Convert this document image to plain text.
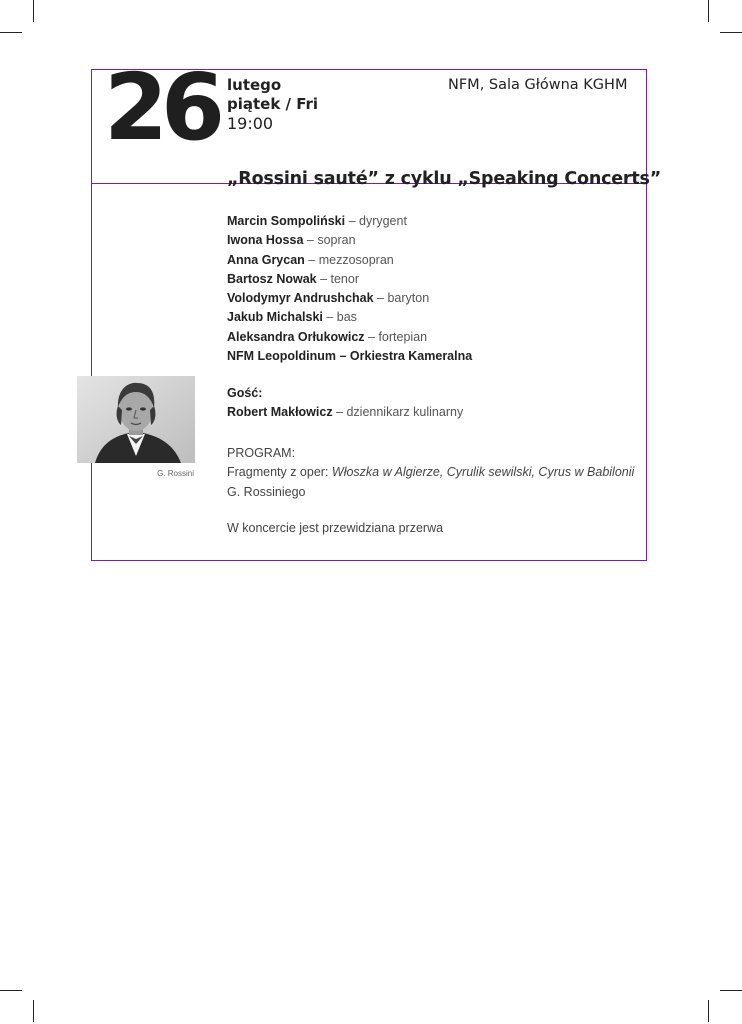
26 lutego
piątek / Fri
19:00
NFM, Sala Główna KGHM
„Rossini sauté” z cyklu „Speaking Concerts”
Marcin Sompoliński – dyrygent
Iwona Hossa – sopran
Anna Grycan – mezzosopran
Bartosz Nowak – tenor
Volodymyr Andrushchak – baryton
Jakub Michalski – bas
Aleksandra Orłukowicz – fortepian
NFM Leopoldinum – Orkiestra Kameralna
Gość:
Robert Makłowicz – dziennikarz kulinarny
PROGRAM:
Fragmenty z oper: Włoszka w Algierze, Cyrulik sewilski, Cyrus w Babilonii
G. Rossiniego
W koncercie jest przewidziana przerwa
G. Rossini
